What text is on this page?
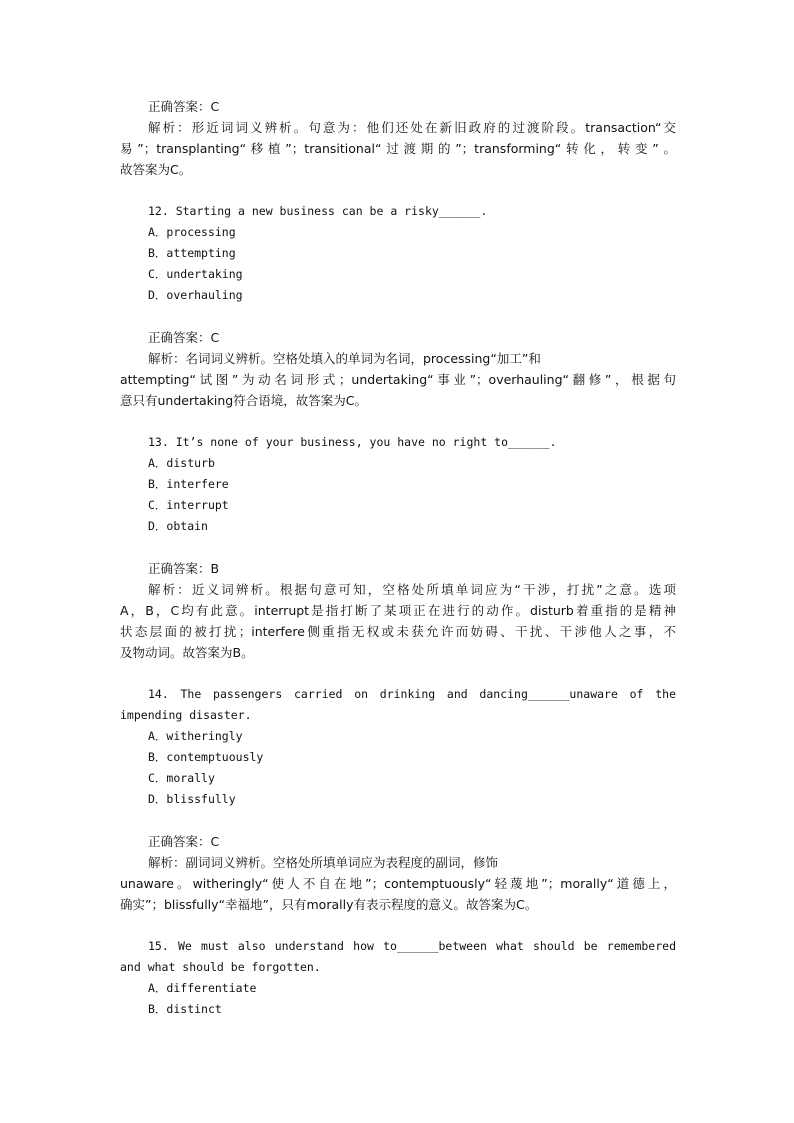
正确答案：C
解析：形近词词义辨析。句意为：他们还处在新旧政府的过渡阶段。transaction“交
易”；transplanting“移植”；transitional“过渡期的”；transforming“转化，转变”。
故答案为C。
12. Starting a new business can be a risky______.
A．processing
B．attempting
C．undertaking
D．overhauling
正确答案：C
解析：名词词义辨析。空格处填入的单词为名词，processing“加工”和
attempting“试图”为动名词形式；undertaking“事业”；overhauling“翻修”，根据句
意只有undertaking符合语境，故答案为C。
13. It’s none of your business, you have no right to______.
A．disturb
B．interfere
C．interrupt
D．obtain
正确答案：B
解析：近义词辨析。根据句意可知，空格处所填单词应为“干涉，打扰”之意。选项
A，B，C均有此意。interrupt是指打断了某项正在进行的动作。disturb着重指的是精神
状态层面的被打扰；interfere侧重指无权或未获允许而妨碍、干扰、干涉他人之事，不
及物动词。故答案为B。
14. The passengers carried on drinking and dancing______unaware of the
impending disaster.
A．witheringly
B．contemptuously
C．morally
D．blissfully
正确答案：C
解析：副词词义辨析。空格处所填单词应为表程度的副词，修饰
unaware。witheringly“使人不自在地”；contemptuously“轻蔑地”；morally“道德上，
确实”；blissfully“幸福地”，只有morally有表示程度的意义。故答案为C。
15. We must also understand how to______between what should be remembered
and what should be forgotten.
A．differentiate
B．distinct
